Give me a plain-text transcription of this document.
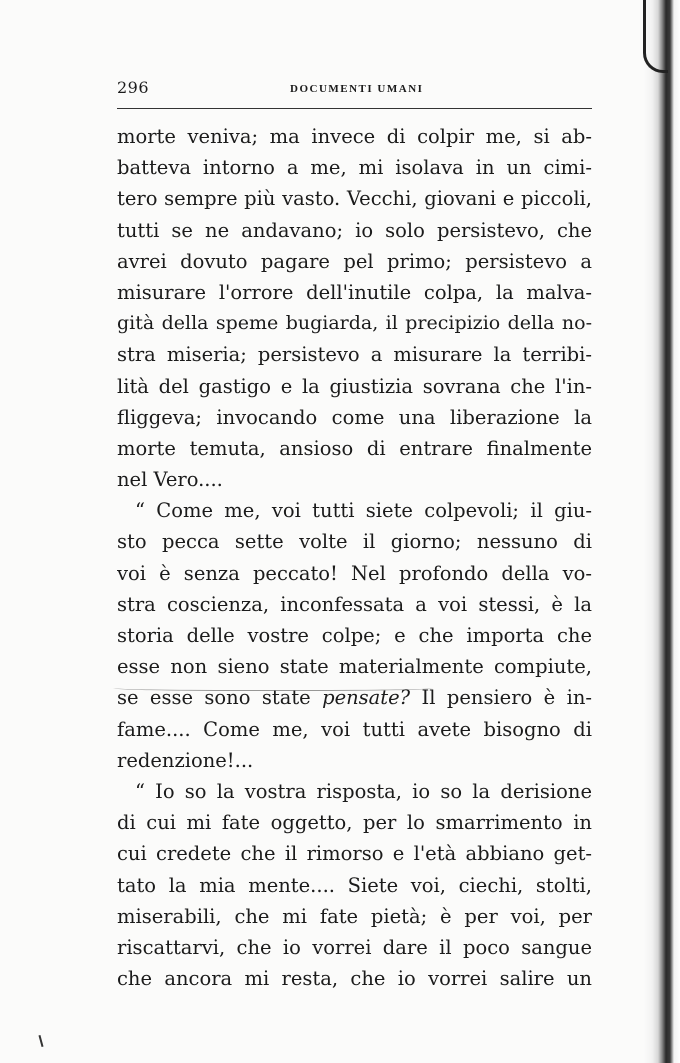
296	DOCUMENTI UMANI
morte veniva; ma invece di colpir me, si ab-
batteva intorno a me, mi isolava in un cimi-
tero sempre più vasto. Vecchi, giovani e piccoli,
tutti se ne andavano; io solo persistevo, che
avrei dovuto pagare pel primo; persistevo a
misurare l'orrore dell'inutile colpa, la malva-
gità della speme bugiarda, il precipizio della no-
stra miseria; persistevo a misurare la terribi-
lità del gastigo e la giustizia sovrana che l'in-
fliggeva; invocando come una liberazione la
morte temuta, ansioso di entrare finalmente
nel Vero....
“ Come me, voi tutti siete colpevoli; il giu-
sto pecca sette volte il giorno; nessuno di
voi è senza peccato! Nel profondo della vo-
stra coscienza, inconfessata a voi stessi, è la
storia delle vostre colpe; e che importa che
esse non sieno state materialmente compiute,
se esse sono state pensate? Il pensiero è in-
fame.... Come me, voi tutti avete bisogno di
redenzione!...
“ Io so la vostra risposta, io so la derisione
di cui mi fate oggetto, per lo smarrimento in
cui credete che il rimorso e l'età abbiano get-
tato la mia mente.... Siete voi, ciechi, stolti,
miserabili, che mi fate pietà; è per voi, per
riscattarvi, che io vorrei dare il poco sangue
che ancora mi resta, che io vorrei salire un
